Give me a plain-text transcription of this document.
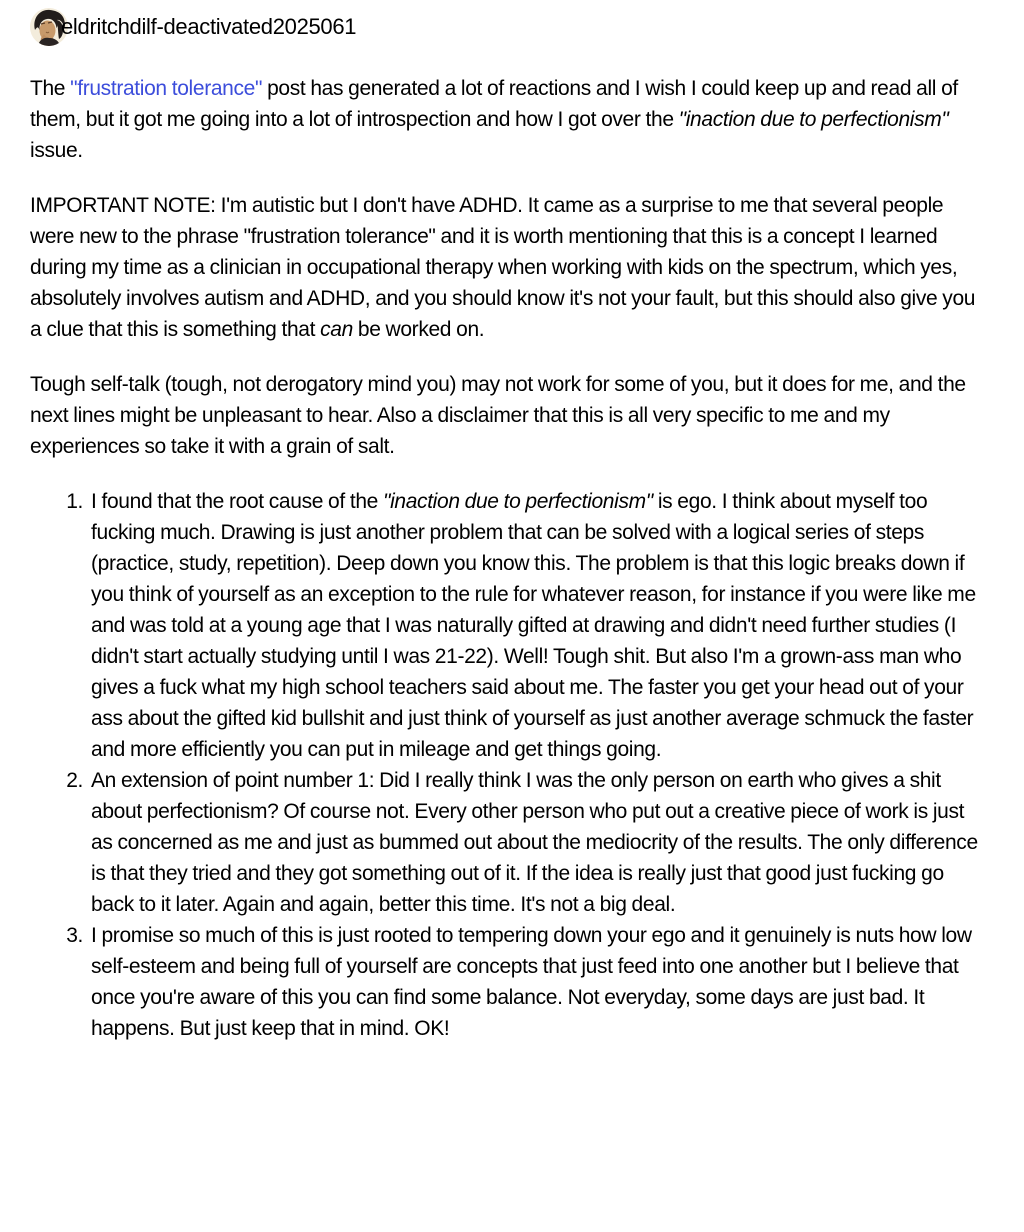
eldritchdilf-deactivated2025061

The "frustration tolerance" post has generated a lot of reactions and I wish I could keep up and read all of them, but it got me going into a lot of introspection and how I got over the "inaction due to perfectionism" issue.

IMPORTANT NOTE: I'm autistic but I don't have ADHD. It came as a surprise to me that several people were new to the phrase "frustration tolerance" and it is worth mentioning that this is a concept I learned during my time as a clinician in occupational therapy when working with kids on the spectrum, which yes, absolutely involves autism and ADHD, and you should know it's not your fault, but this should also give you a clue that this is something that can be worked on.

Tough self-talk (tough, not derogatory mind you) may not work for some of you, but it does for me, and the next lines might be unpleasant to hear. Also a disclaimer that this is all very specific to me and my experiences so take it with a grain of salt.

1. I found that the root cause of the "inaction due to perfectionism" is ego. I think about myself too fucking much. Drawing is just another problem that can be solved with a logical series of steps (practice, study, repetition). Deep down you know this. The problem is that this logic breaks down if you think of yourself as an exception to the rule for whatever reason, for instance if you were like me and was told at a young age that I was naturally gifted at drawing and didn't need further studies (I didn't start actually studying until I was 21-22). Well! Tough shit. But also I'm a grown-ass man who gives a fuck what my high school teachers said about me. The faster you get your head out of your ass about the gifted kid bullshit and just think of yourself as just another average schmuck the faster and more efficiently you can put in mileage and get things going.
2. An extension of point number 1: Did I really think I was the only person on earth who gives a shit about perfectionism? Of course not. Every other person who put out a creative piece of work is just as concerned as me and just as bummed out about the mediocrity of the results. The only difference is that they tried and they got something out of it. If the idea is really just that good just fucking go back to it later. Again and again, better this time. It's not a big deal.
3. I promise so much of this is just rooted to tempering down your ego and it genuinely is nuts how low self-esteem and being full of yourself are concepts that just feed into one another but I believe that once you're aware of this you can find some balance. Not everyday, some days are just bad. It happens. But just keep that in mind. OK!
